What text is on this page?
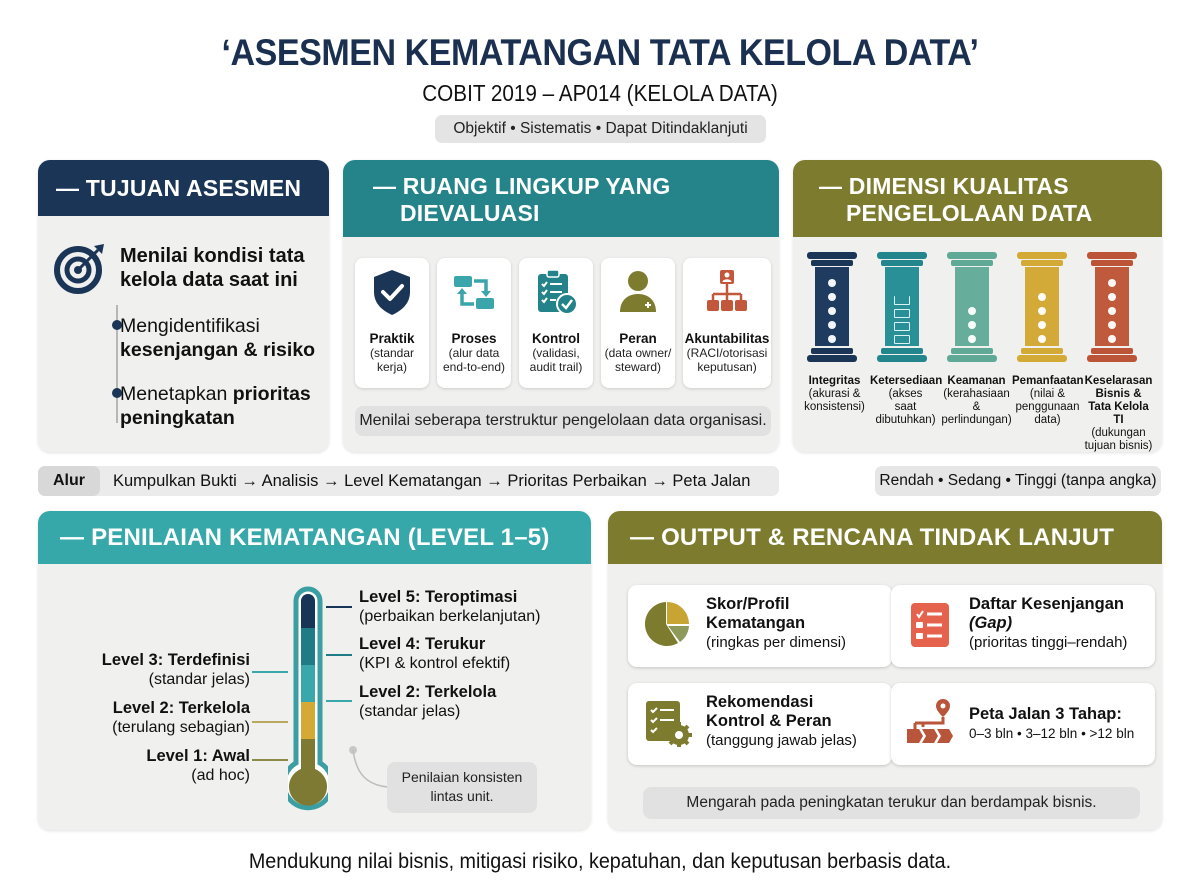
‘ASESMEN KEMATANGAN TATA KELOLA DATA’
COBIT 2019 – AP014 (KELOLA DATA)
Objektif • Sistematis • Dapat Ditindaklanjuti
— TUJUAN ASESMEN
Menilai kondisi tata
kelola data saat ini
Mengidentifikasi
kesenjangan & risiko
Menetapkan prioritas
peningkatan
— RUANG LINGKUP YANG
DIEVALUASI
Praktik
(standar
kerja)
Proses
(alur data
end-to-end)
Kontrol
(validasi,
audit trail)
Peran
(data owner/
steward)
Akuntabilitas
(RACI/otorisasi
keputusan)
Menilai seberapa terstruktur pengelolaan data organisasi.
— DIMENSI KUALITAS
PENGELOLAAN DATA
Integritas
(akurasi &
konsistensi)
Ketersediaan
(akses
saat
dibutuhkan)
Keamanan
(kerahasiaan &
perlindungan)
Pemanfaatan
(nilai &
penggunaan
data)
Keselarasan Bisnis & Tata Kelola TI
(dukungan
tujuan bisnis)
Alur	Kumpulkan Bukti → Analisis → Level Kematangan → Prioritas Perbaikan → Peta Jalan	Rendah • Sedang • Tinggi (tanpa angka)
— PENILAIAN KEMATANGAN (LEVEL 1–5)
Level 5: Teroptimasi
(perbaikan berkelanjutan)
Level 4: Terukur
(KPI & kontrol efektif)
Level 2: Terkelola
(standar jelas)
Level 3: Terdefinisi
(standar jelas)
Level 2: Terkelola
(terulang sebagian)
Level 1: Awal
(ad hoc)	Penilaian konsisten
lintas unit.
— OUTPUT & RENCANA TINDAK LANJUT
Skor/Profil
Kematangan
(ringkas per dimensi)
Daftar Kesenjangan
(Gap)
(prioritas tinggi–rendah)
Rekomendasi
Kontrol & Peran
(tanggung jawab jelas)
Peta Jalan 3 Tahap:
0–3 bln • 3–12 bln • >12 bln
Mengarah pada peningkatan terukur dan berdampak bisnis.
Mendukung nilai bisnis, mitigasi risiko, kepatuhan, dan keputusan berbasis data.
